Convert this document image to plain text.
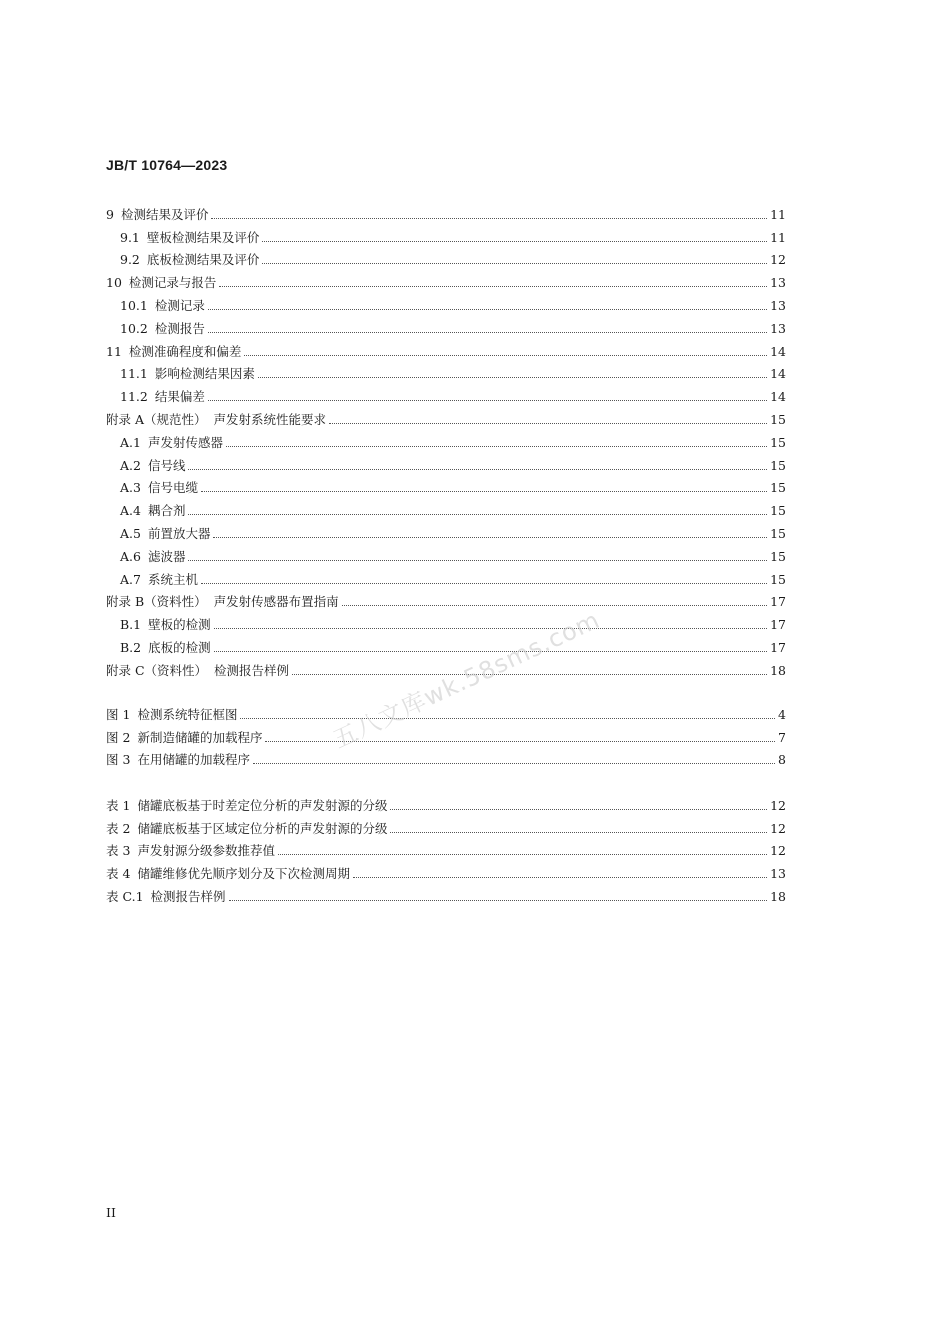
JB/T 10764—2023
9 检测结果及评价	11
9.1 壁板检测结果及评价	11
9.2 底板检测结果及评价	12
10 检测记录与报告	13
10.1 检测记录	13
10.2 检测报告	13
11 检测准确程度和偏差	14
11.1 影响检测结果因素	14
11.2 结果偏差	14
附录 A（规范性） 声发射系统性能要求	15
A.1 声发射传感器	15
A.2 信号线	15
A.3 信号电缆	15
A.4 耦合剂	15
A.5 前置放大器	15
A.6 滤波器	15
A.7 系统主机	15
附录 B（资料性） 声发射传感器布置指南	17
B.1 壁板的检测	17
B.2 底板的检测	17
附录 C（资料性） 检测报告样例	18
图 1 检测系统特征框图	4
图 2 新制造储罐的加载程序	7
图 3 在用储罐的加载程序	8
表 1 储罐底板基于时差定位分析的声发射源的分级	12
表 2 储罐底板基于区域定位分析的声发射源的分级	12
表 3 声发射源分级参数推荐值	12
表 4 储罐维修优先顺序划分及下次检测周期	13
表 C.1 检测报告样例	18
五八文库wk.58sms.com
II
